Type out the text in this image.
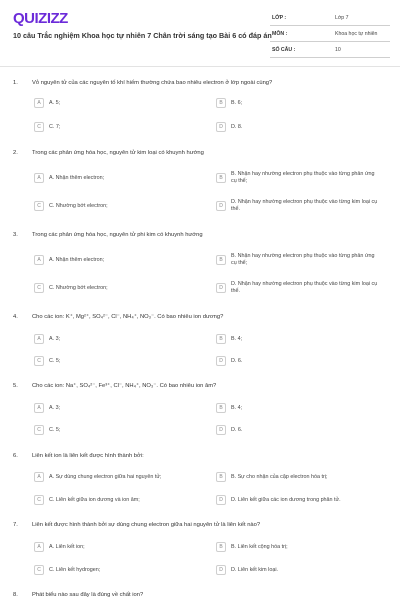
QUIZIZZ
10 câu Trắc nghiệm Khoa học tự nhiên 7 Chân trời sáng tạo Bài 6 có đáp án
LỚP :	Lớp 7
MÔN :	Khoa học tự nhiên
SỐ CÂU :	10
1. Vỏ nguyên tử của các nguyên tố khí hiếm thường chứa bao nhiêu electron ở lớp ngoài cùng?
A	A. 5;	B	B. 6;
C	C. 7;	D	D. 8.
2. Trong các phản ứng hóa học, nguyên tử kim loại có khuynh hướng
A	A. Nhận thêm electron;	B
B. Nhận hay nhường electron phụ thuộc vào từng phản ứng cụ thể;
C	C. Nhường bớt electron;	D
D. Nhận hay nhường electron phụ thuộc vào từng kim loại cụ thể.
3. Trong các phản ứng hóa học, nguyên tử phi kim có khuynh hướng
A	A. Nhận thêm electron;	B
B. Nhận hay nhường electron phụ thuộc vào từng phản ứng cụ thể;
C	C. Nhường bớt electron;	D
D. Nhận hay nhường electron phụ thuộc vào từng kim loại cụ thể.
4. Cho các ion: K⁺, Mg²⁺, SO₄²⁻, Cl⁻, NH₄⁺, NO₃⁻. Có bao nhiêu ion dương?
A	A. 3;	B	B. 4;
C	C. 5;	D	D. 6.
5. Cho các ion: Na⁺, SO₄²⁻, Fe³⁺, Cl⁻, NH₄⁺, NO₃⁻. Có bao nhiêu ion âm?
A	A. 3;	B	B. 4;
C	C. 5;	D	D. 6.
6. Liên kết ion là liên kết được hình thành bởi:
A	A. Sự dùng chung electron giữa hai nguyên tử;	B	B. Sự cho nhận của cặp electron hóa trị;
C	C. Liên kết giữa ion dương và ion âm;	D	D. Liên kết giữa các ion dương trong phân tử.
7. Liên kết được hình thành bởi sự dùng chung electron giữa hai nguyên tử là liên kết nào?
A	A. Liên kết ion;	B	B. Liên kết cộng hóa trị;
C	C. Liên kết hydrogen;	D	D. Liên kết kim loại.
8. Phát biểu nào sau đây là đúng về chất ion?
